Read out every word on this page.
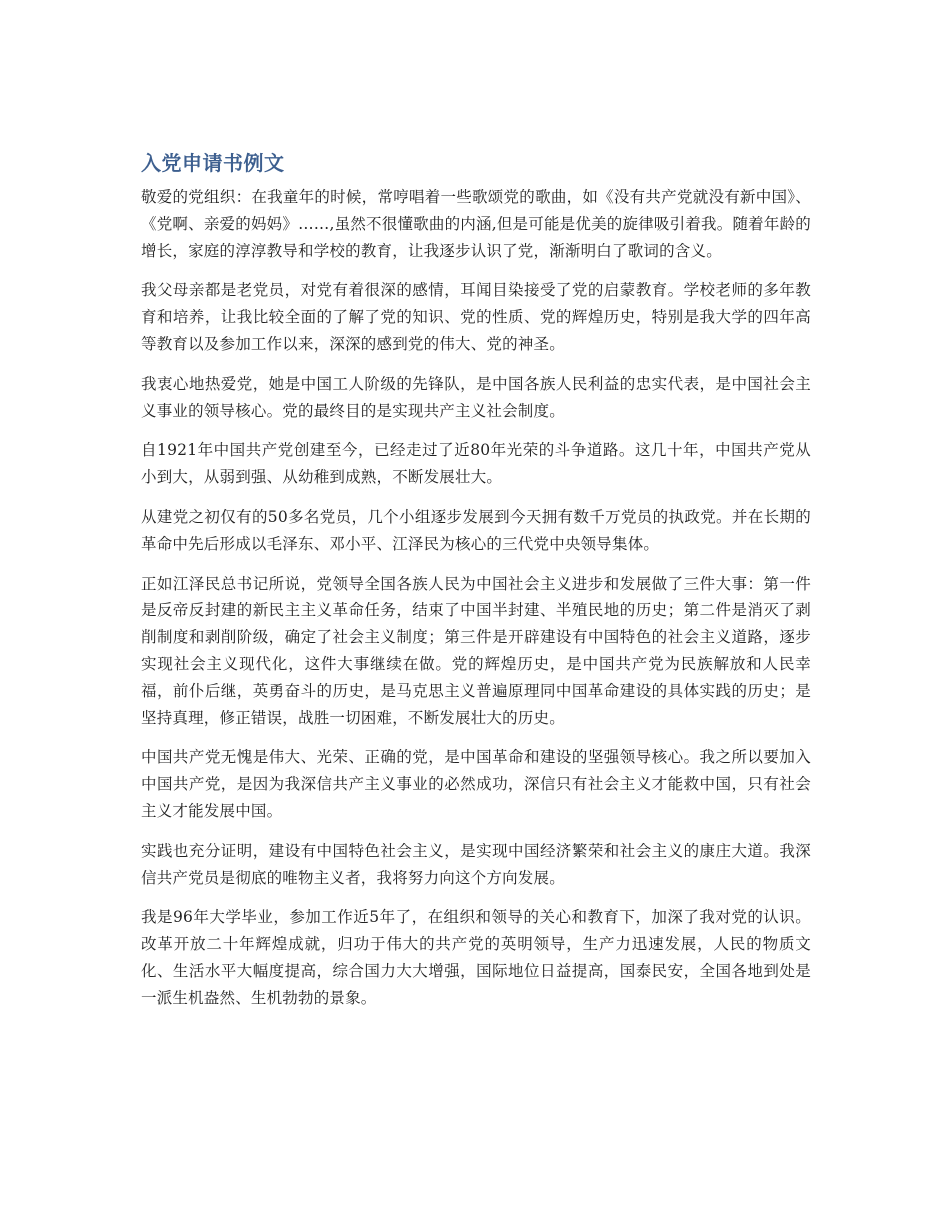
入党申请书例文

敬爱的党组织：在我童年的时候，常哼唱着一些歌颂党的歌曲，如《没有共产党就没有新中国》、《党啊、亲爱的妈妈》……,虽然不很懂歌曲的内涵,但是可能是优美的旋律吸引着我。随着年龄的增长，家庭的淳淳教导和学校的教育，让我逐步认识了党，渐渐明白了歌词的含义。

我父母亲都是老党员，对党有着很深的感情，耳闻目染接受了党的启蒙教育。学校老师的多年教育和培养，让我比较全面的了解了党的知识、党的性质、党的辉煌历史，特别是我大学的四年高等教育以及参加工作以来，深深的感到党的伟大、党的神圣。

我衷心地热爱党，她是中国工人阶级的先锋队，是中国各族人民利益的忠实代表，是中国社会主义事业的领导核心。党的最终目的是实现共产主义社会制度。

自1921年中国共产党创建至今，已经走过了近80年光荣的斗争道路。这几十年，中国共产党从小到大，从弱到强、从幼稚到成熟，不断发展壮大。

从建党之初仅有的50多名党员，几个小组逐步发展到今天拥有数千万党员的执政党。并在长期的革命中先后形成以毛泽东、邓小平、江泽民为核心的三代党中央领导集体。

正如江泽民总书记所说，党领导全国各族人民为中国社会主义进步和发展做了三件大事：第一件是反帝反封建的新民主主义革命任务，结束了中国半封建、半殖民地的历史；第二件是消灭了剥削制度和剥削阶级，确定了社会主义制度；第三件是开辟建设有中国特色的社会主义道路，逐步实现社会主义现代化，这件大事继续在做。党的辉煌历史，是中国共产党为民族解放和人民幸福，前仆后继，英勇奋斗的历史，是马克思主义普遍原理同中国革命建设的具体实践的历史；是坚持真理，修正错误，战胜一切困难，不断发展壮大的历史。

中国共产党无愧是伟大、光荣、正确的党，是中国革命和建设的坚强领导核心。我之所以要加入中国共产党，是因为我深信共产主义事业的必然成功，深信只有社会主义才能救中国，只有社会主义才能发展中国。

实践也充分证明，建设有中国特色社会主义，是实现中国经济繁荣和社会主义的康庄大道。我深信共产党员是彻底的唯物主义者，我将努力向这个方向发展。

我是96年大学毕业，参加工作近5年了，在组织和领导的关心和教育下，加深了我对党的认识。改革开放二十年辉煌成就，归功于伟大的共产党的英明领导，生产力迅速发展，人民的物质文化、生活水平大幅度提高，综合国力大大增强，国际地位日益提高，国泰民安，全国各地到处是一派生机盎然、生机勃勃的景象。
